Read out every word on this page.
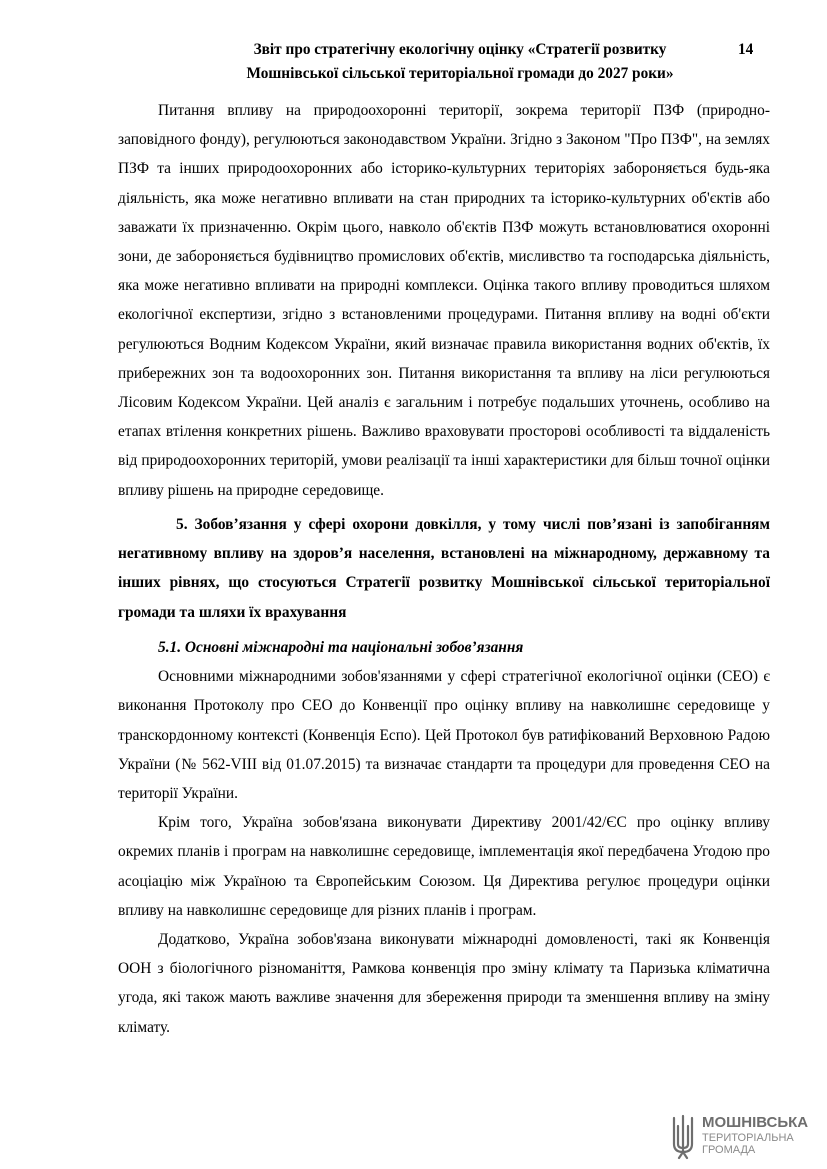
Звіт про стратегічну екологічну оцінку «Стратегії розвитку
Мошнівської сільської територіальної громади до 2027 роки»
14

Питання впливу на природоохоронні території, зокрема території ПЗФ (природно-заповідного фонду), регулюються законодавством України. Згідно з Законом "Про ПЗФ", на землях ПЗФ та інших природоохоронних або історико-культурних територіях забороняється будь-яка діяльність, яка може негативно впливати на стан природних та історико-культурних об'єктів або заважати їх призначенню. Окрім цього, навколо об'єктів ПЗФ можуть встановлюватися охоронні зони, де забороняється будівництво промислових об'єктів, мисливство та господарська діяльність, яка може негативно впливати на природні комплекси. Оцінка такого впливу проводиться шляхом екологічної експертизи, згідно з встановленими процедурами. Питання впливу на водні об'єкти регулюються Водним Кодексом України, який визначає правила використання водних об'єктів, їх прибережних зон та водоохоронних зон. Питання використання та впливу на ліси регулюються Лісовим Кодексом України. Цей аналіз є загальним і потребує подальших уточнень, особливо на етапах втілення конкретних рішень. Важливо враховувати просторові особливості та віддаленість від природоохоронних територій, умови реалізації та інші характеристики для більш точної оцінки впливу рішень на природне середовище.

5. Зобов’язання у сфері охорони довкілля, у тому числі пов’язані із запобіганням негативному впливу на здоров’я населення, встановлені на міжнародному, державному та інших рівнях, що стосуються Стратегії розвитку Мошнівської сільської територіальної громади та шляхи їх врахування

5.1. Основні міжнародні та національні зобов’язання

Основними міжнародними зобов'язаннями у сфері стратегічної екологічної оцінки (СЕО) є виконання Протоколу про СЕО до Конвенції про оцінку впливу на навколишнє середовище у транскордонному контексті (Конвенція Еспо). Цей Протокол був ратифікований Верховною Радою України (№ 562-VIII від 01.07.2015) та визначає стандарти та процедури для проведення СЕО на території України.

Крім того, Україна зобов'язана виконувати Директиву 2001/42/ЄС про оцінку впливу окремих планів і програм на навколишнє середовище, імплементація якої передбачена Угодою про асоціацію між Україною та Європейським Союзом. Ця Директива регулює процедури оцінки впливу на навколишнє середовище для різних планів і програм.

Додатково, Україна зобов'язана виконувати міжнародні домовленості, такі як Конвенція ООН з біологічного різноманіття, Рамкова конвенція про зміну клімату та Паризька кліматична угода, які також мають важливе значення для збереження природи та зменшення впливу на зміну клімату.

МОШНІВСЬКА
ТЕРИТОРІАЛЬНА
ГРОМАДА
